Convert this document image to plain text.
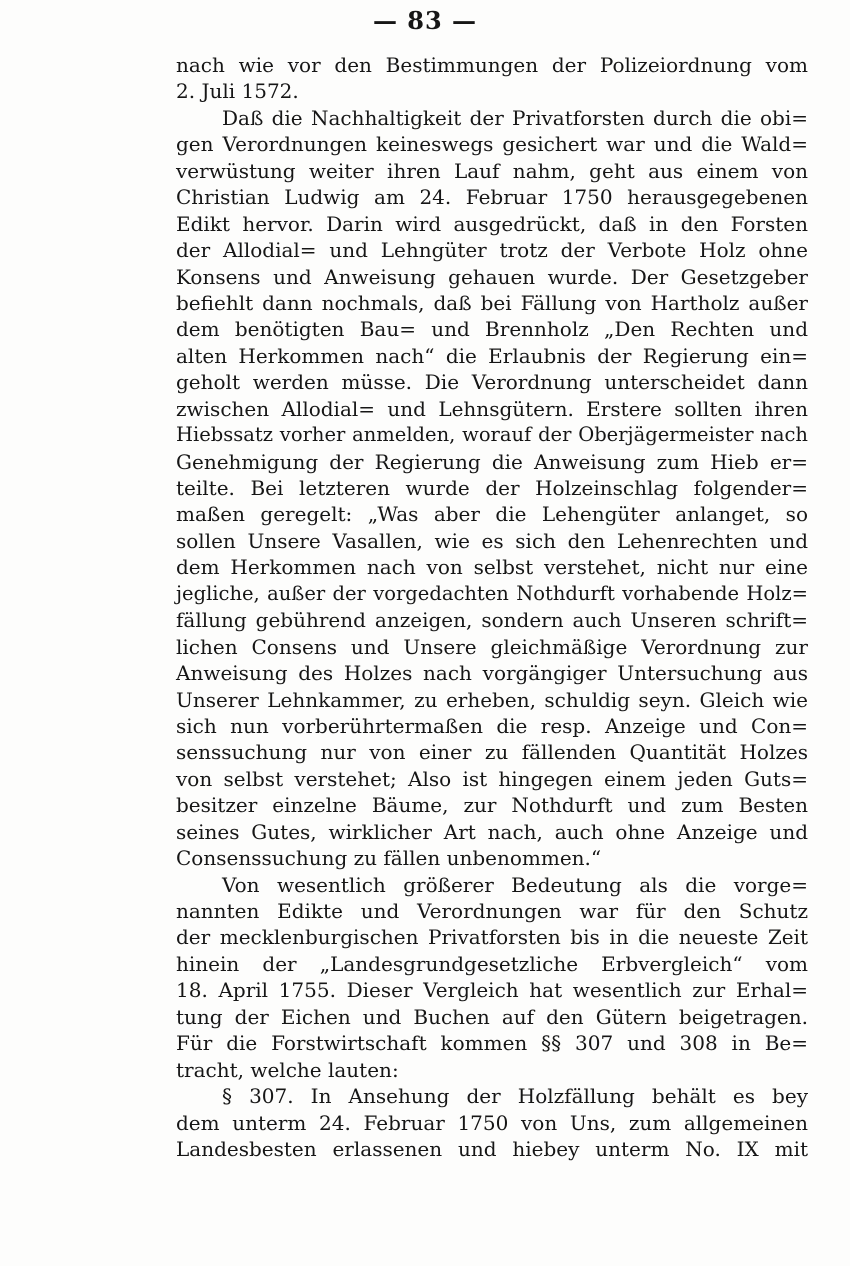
— 83 —
nach wie vor den Bestimmungen der Polizeiordnung vom
2. Juli 1572.
Daß die Nachhaltigkeit der Privatforsten durch die obi=
gen Verordnungen keineswegs gesichert war und die Wald=
verwüstung weiter ihren Lauf nahm, geht aus einem von
Christian Ludwig am 24. Februar 1750 herausgegebenen
Edikt hervor. Darin wird ausgedrückt, daß in den Forsten
der Allodial= und Lehngüter trotz der Verbote Holz ohne
Konsens und Anweisung gehauen wurde. Der Gesetzgeber
befiehlt dann nochmals, daß bei Fällung von Hartholz außer
dem benötigten Bau= und Brennholz „Den Rechten und
alten Herkommen nach“ die Erlaubnis der Regierung ein=
geholt werden müsse. Die Verordnung unterscheidet dann
zwischen Allodial= und Lehnsgütern. Erstere sollten ihren
Hiebssatz vorher anmelden, worauf der Oberjägermeister nach
Genehmigung der Regierung die Anweisung zum Hieb er=
teilte. Bei letzteren wurde der Holzeinschlag folgender=
maßen geregelt: „Was aber die Lehengüter anlanget, so
sollen Unsere Vasallen, wie es sich den Lehenrechten und
dem Herkommen nach von selbst verstehet, nicht nur eine
jegliche, außer der vorgedachten Nothdurft vorhabende Holz=
fällung gebührend anzeigen, sondern auch Unseren schrift=
lichen Consens und Unsere gleichmäßige Verordnung zur
Anweisung des Holzes nach vorgängiger Untersuchung aus
Unserer Lehnkammer, zu erheben, schuldig seyn. Gleich wie
sich nun vorberührtermaßen die resp. Anzeige und Con=
senssuchung nur von einer zu fällenden Quantität Holzes
von selbst verstehet; Also ist hingegen einem jeden Guts=
besitzer einzelne Bäume, zur Nothdurft und zum Besten
seines Gutes, wirklicher Art nach, auch ohne Anzeige und
Consenssuchung zu fällen unbenommen.“
Von wesentlich größerer Bedeutung als die vorge=
nannten Edikte und Verordnungen war für den Schutz
der mecklenburgischen Privatforsten bis in die neueste Zeit
hinein der „Landesgrundgesetzliche Erbvergleich“ vom
18. April 1755. Dieser Vergleich hat wesentlich zur Erhal=
tung der Eichen und Buchen auf den Gütern beigetragen.
Für die Forstwirtschaft kommen §§ 307 und 308 in Be=
tracht, welche lauten:
§ 307. In Ansehung der Holzfällung behält es bey
dem unterm 24. Februar 1750 von Uns, zum allgemeinen
Landesbesten erlassenen und hiebey unterm No. IX mit
